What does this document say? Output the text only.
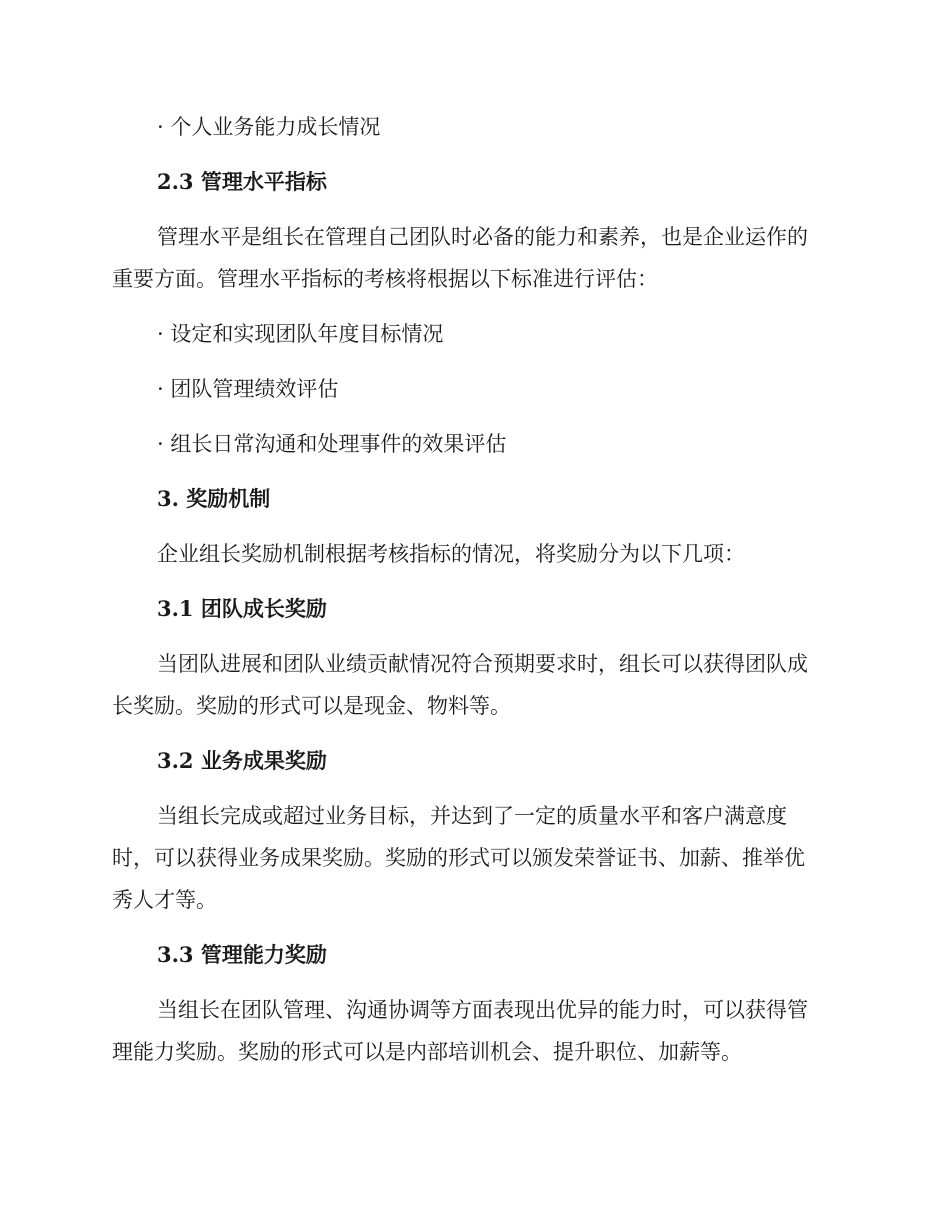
· 个人业务能力成长情况
2.3 管理水平指标
管理水平是组长在管理自己团队时必备的能力和素养，也是企业运作的
重要方面。管理水平指标的考核将根据以下标准进行评估：
· 设定和实现团队年度目标情况
· 团队管理绩效评估
· 组长日常沟通和处理事件的效果评估
3. 奖励机制
企业组长奖励机制根据考核指标的情况，将奖励分为以下几项：
3.1 团队成长奖励
当团队进展和团队业绩贡献情况符合预期要求时，组长可以获得团队成
长奖励。奖励的形式可以是现金、物料等。
3.2 业务成果奖励
当组长完成或超过业务目标，并达到了一定的质量水平和客户满意度
时，可以获得业务成果奖励。奖励的形式可以颁发荣誉证书、加薪、推举优
秀人才等。
3.3 管理能力奖励
当组长在团队管理、沟通协调等方面表现出优异的能力时，可以获得管
理能力奖励。奖励的形式可以是内部培训机会、提升职位、加薪等。
